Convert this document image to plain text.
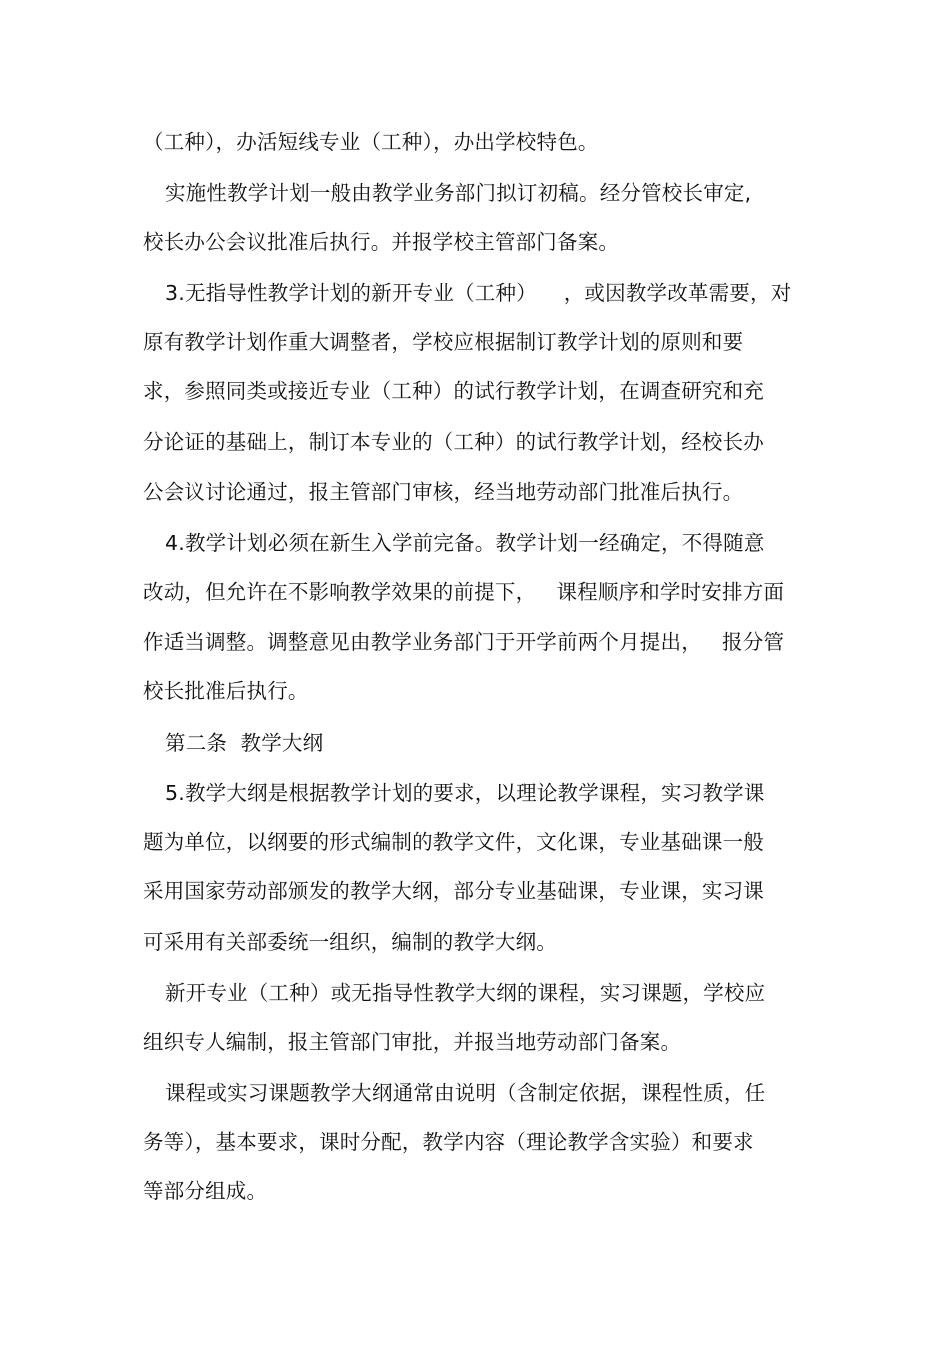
（工种），办活短线专业（工种），办出学校特色。
实施性教学计划一般由教学业务部门拟订初稿。经分管校长审定,
校长办公会议批准后执行。并报学校主管部门备案。
3.无指导性教学计划的新开专业（工种）    ，或因教学改革需要，对
原有教学计划作重大调整者，学校应根据制订教学计划的原则和要
求，参照同类或接近专业（工种）的试行教学计划，在调查研究和充
分论证的基础上，制订本专业的（工种）的试行教学计划，经校长办
公会议讨论通过，报主管部门审核，经当地劳动部门批准后执行。
4.教学计划必须在新生入学前完备。教学计划一经确定，不得随意
改动，但允许在不影响教学效果的前提下，   课程顺序和学时安排方面
作适当调整。调整意见由教学业务部门于开学前两个月提出，   报分管
校长批准后执行。
第二条  教学大纲
5.教学大纲是根据教学计划的要求，以理论教学课程，实习教学课
题为单位，以纲要的形式编制的教学文件，文化课，专业基础课一般
采用国家劳动部颁发的教学大纲，部分专业基础课，专业课，实习课
可采用有关部委统一组织，编制的教学大纲。
新开专业（工种）或无指导性教学大纲的课程，实习课题，学校应
组织专人编制，报主管部门审批，并报当地劳动部门备案。
课程或实习课题教学大纲通常由说明（含制定依据，课程性质，任
务等），基本要求，课时分配，教学内容（理论教学含实验）和要求
等部分组成。
